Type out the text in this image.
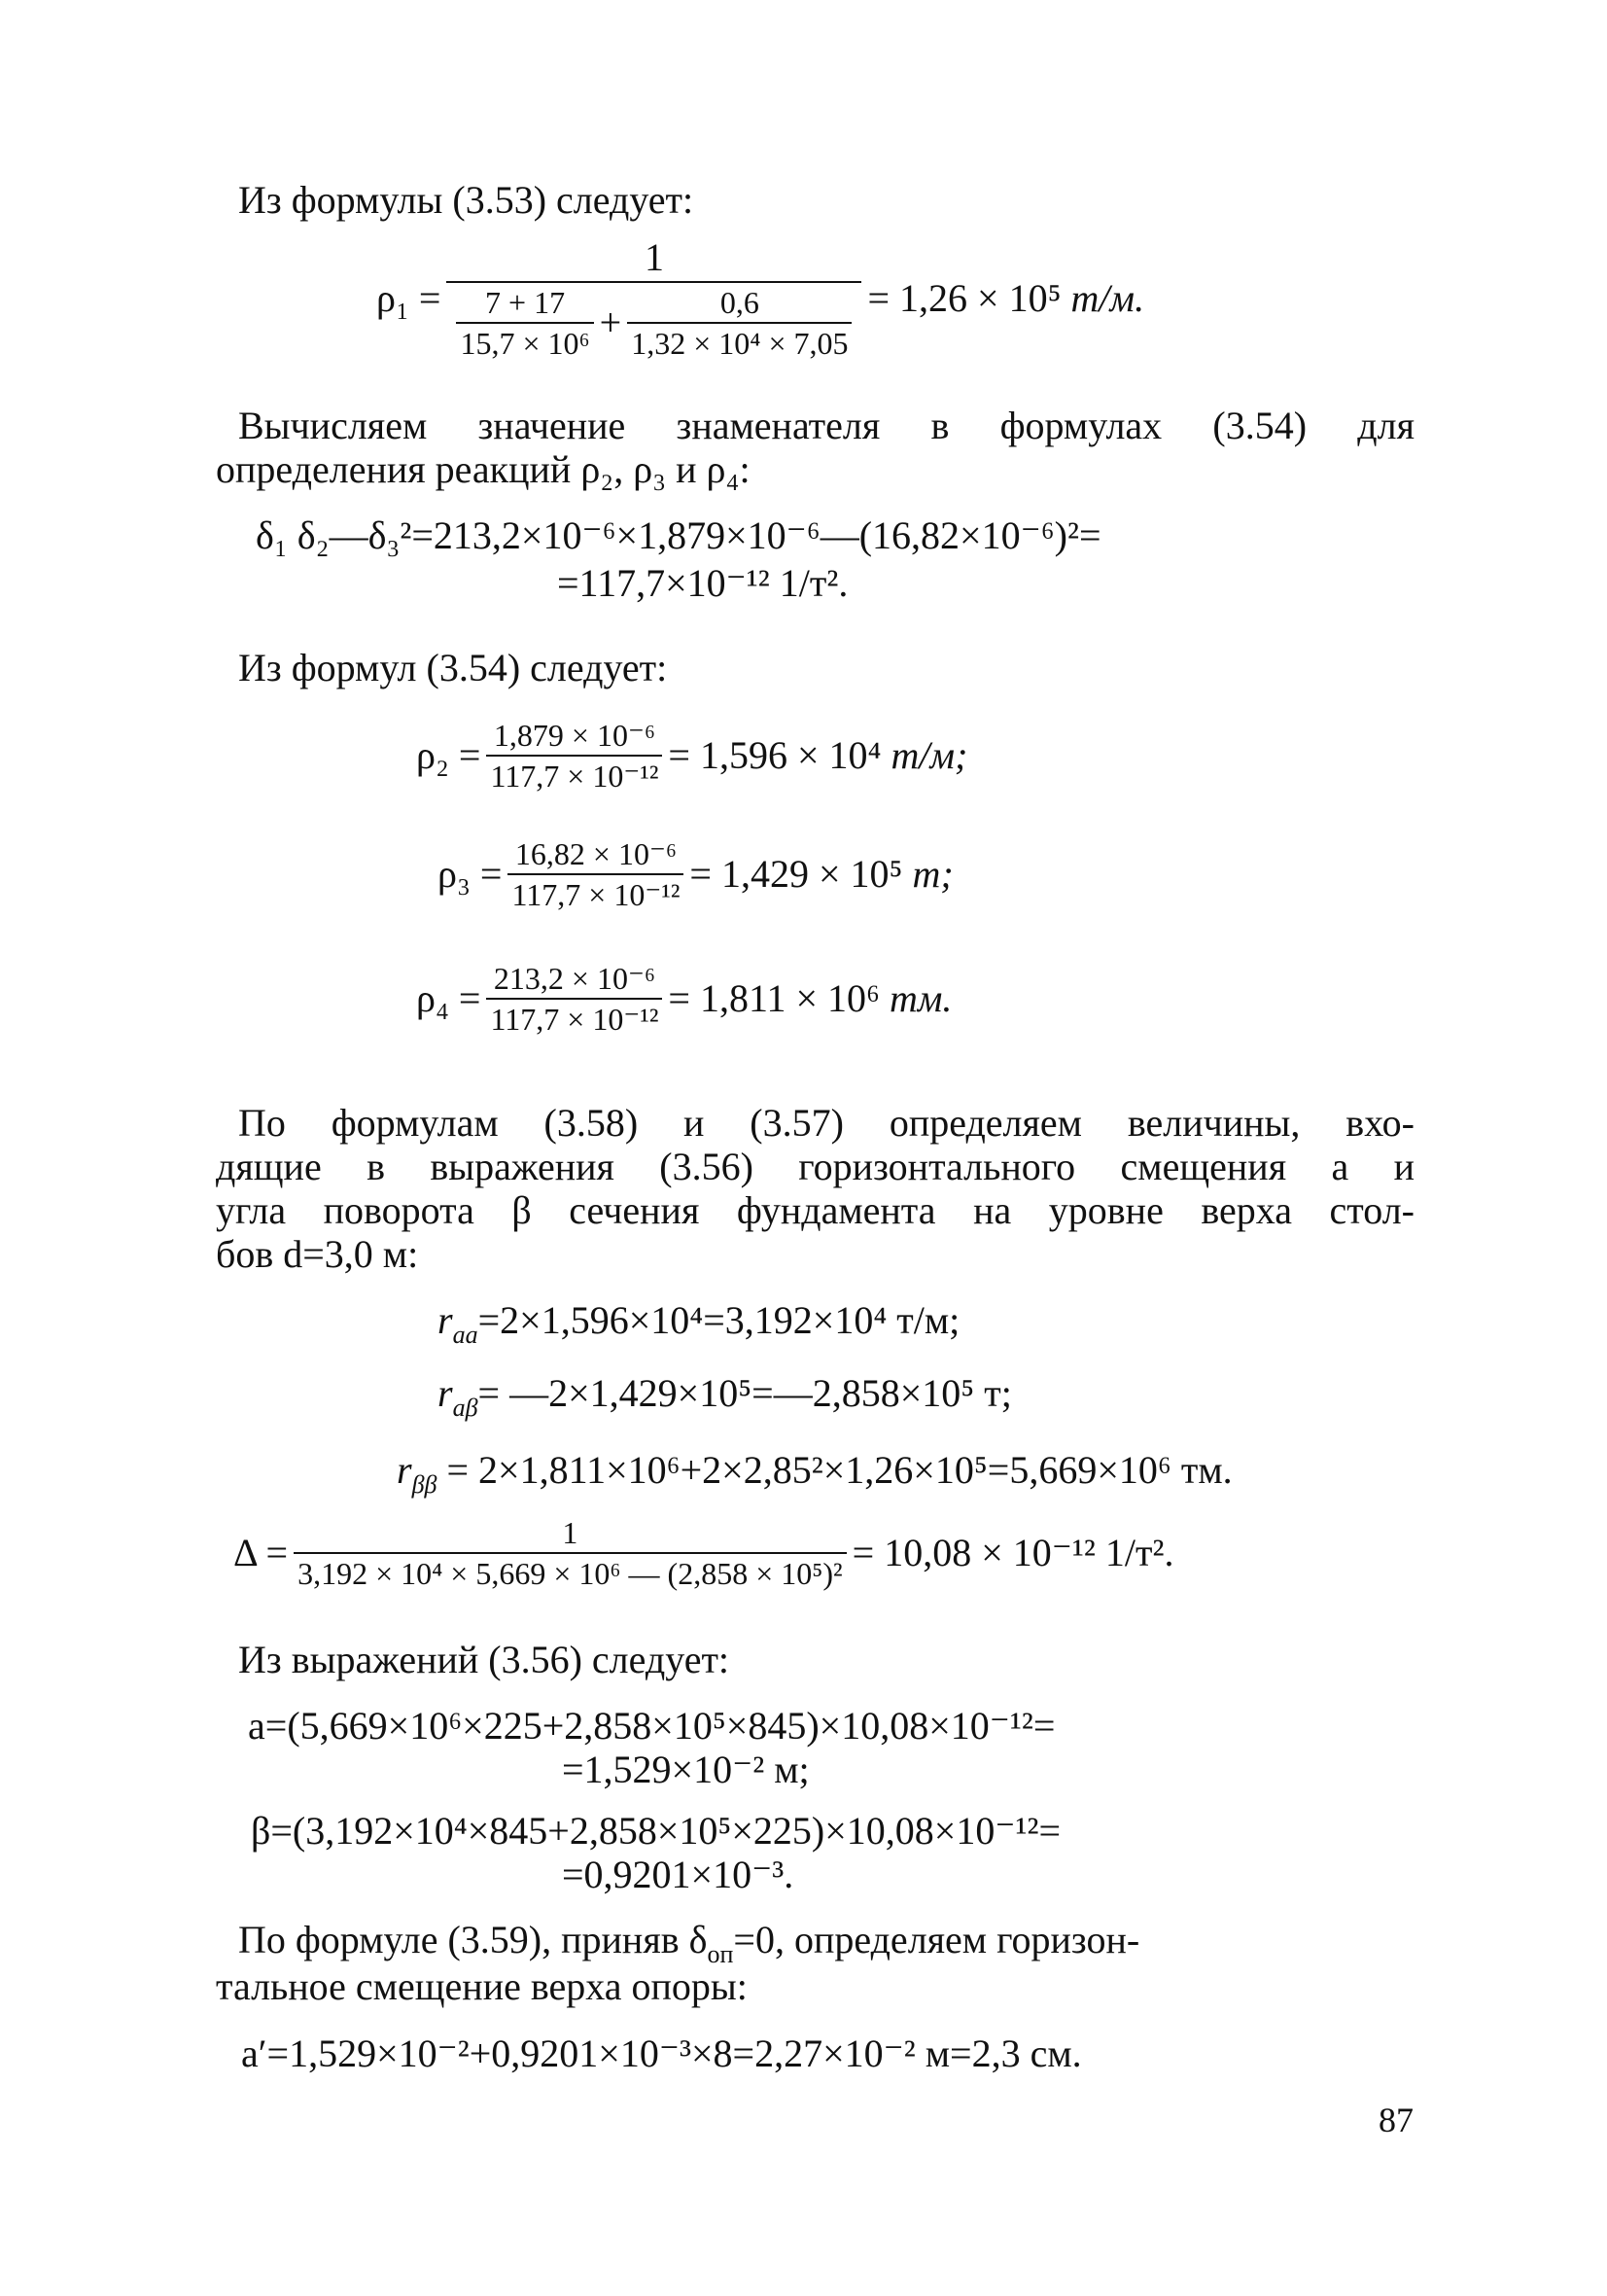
Из формулы (3.53) следует:
ρ₁ =
1
$\frac{7 + 17}{\text{15,7 × 10⁶}} + \frac{0,6}{\text{1,32 × 10⁴ × 7,05}} = 1,26 \times 10^5$
т/м.
Вычисляем значение знаменателя в формулах (3.54) для
определения реакций ρ₂, ρ₃ и ρ₄:
δ₁ δ₂—δ₃²=213,2×10⁻⁶×1,879×10⁻⁶—(16,82×10⁻⁶)²=
=117,7×10⁻¹² 1/т².
Из формул (3.54) следует:
$\rho_2 = \frac{\text{1,879 × 10⁻⁶}}{\text{117,7 × 10⁻¹²}} = 1,596 \times 10^4$
т/м;
$\rho_3 = \frac{\text{16,82 × 10⁻⁶}}{\text{117,7 × 10⁻¹²}} = 1,429 \times 10^5$
т;
$\rho_4 = \frac{\text{213,2 × 10⁻⁶}}{\text{117,7 × 10⁻¹²}} = 1,811 \times 10^6$
тм.
По формулам (3.58) и (3.57) определяем величины, вхо-
дящие в выражения (3.56) горизонтального смещения a и
угла поворота β сечения фундамента на уровне верха стол-
бов d=3,0 м:
$r_{aa}=2\times 1,596\times 10^4=3,192\times 10^4$ т/м;
$r_{a\beta}=$ —2×1,429×10⁵=—2,858×10⁵ т;
$r_{\beta\beta} = 2\times 1,811\times 10^6+2\times 2,85^2\times 1,26\times 10^5=5,669\times 10^6$ тм.
$\Delta = \frac{1}{\text{3,192 × 10⁴ × 5,669 × 10⁶ — (2,858 × 10⁵)²}} = 10,08 \times 10^{-12}$ 1/т².
Из выражений (3.56) следует:
a=(5,669×10⁶×225+2,858×10⁵×845)×10,08×10⁻¹²=
=1,529×10⁻² м;
β=(3,192×10⁴×845+2,858×10⁵×225)×10,08×10⁻¹²=
=0,9201×10⁻³.
По формуле (3.59), приняв $\delta_{оп}=0$, определяем горизон-
тальное смещение верха опоры:
a′=1,529×10⁻²+0,9201×10⁻³×8=2,27×10⁻² м=2,3 см.
87
